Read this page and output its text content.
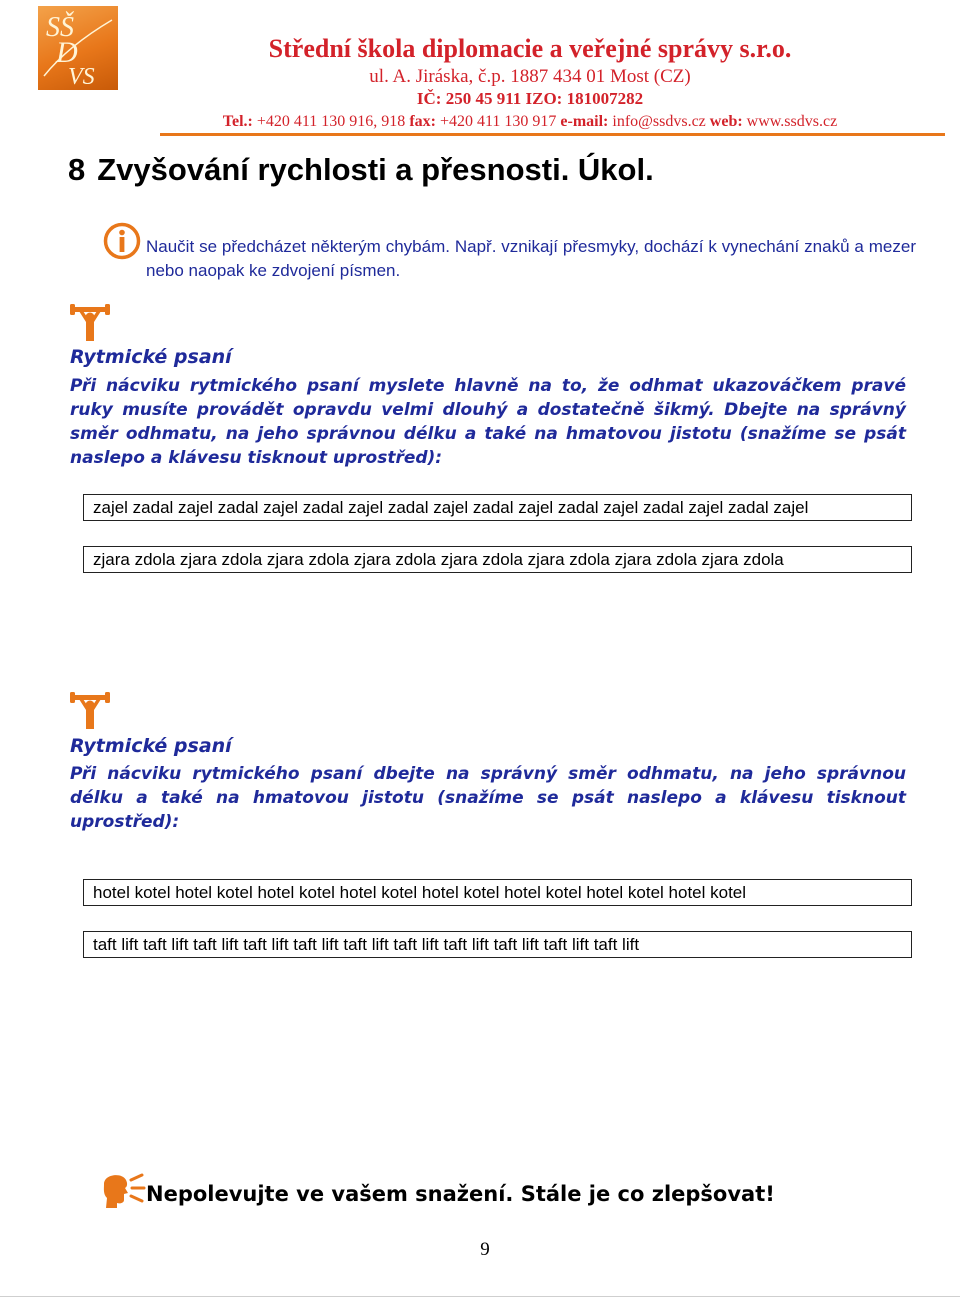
SŠ
D
VS
Střední škola diplomacie a veřejné správy s.r.o.
ul. A. Jiráska, č.p. 1887 434 01 Most (CZ)
IČ: 250 45 911 IZO: 181007282
Tel.: +420 411 130 916, 918 fax: +420 411 130 917 e-mail: info@ssdvs.cz web: www.ssdvs.cz
8 Zvyšování rychlosti a přesnosti. Úkol.
Naučit se předcházet některým chybám. Např. vznikají přesmyky, dochází k vynechání znaků a mezer nebo naopak ke zdvojení písmen.
Rytmické psaní
Při nácviku rytmického psaní myslete hlavně na to, že odhmat ukazováčkem pravé ruky musíte provádět opravdu velmi dlouhý a dostatečně šikmý. Dbejte na správný směr odhmatu, na jeho správnou délku a také na hmatovou jistotu (snažíme se psát naslepo a klávesu tisknout uprostřed):
zajel zadal zajel zadal zajel zadal zajel zadal zajel zadal zajel zadal zajel zadal zajel zadal zajel
zjara zdola zjara zdola zjara zdola zjara zdola zjara zdola zjara zdola zjara zdola zjara zdola
Rytmické psaní
Při nácviku rytmického psaní dbejte na správný směr odhmatu, na jeho správnou délku a také na hmatovou jistotu (snažíme se psát naslepo a klávesu tisknout uprostřed):
hotel kotel hotel kotel hotel kotel hotel kotel hotel kotel hotel kotel hotel kotel hotel kotel
taft lift taft lift taft lift taft lift taft lift taft lift taft lift taft lift taft lift taft lift taft lift
Nepolevujte ve vašem snažení. Stále je co zlepšovat!
9
